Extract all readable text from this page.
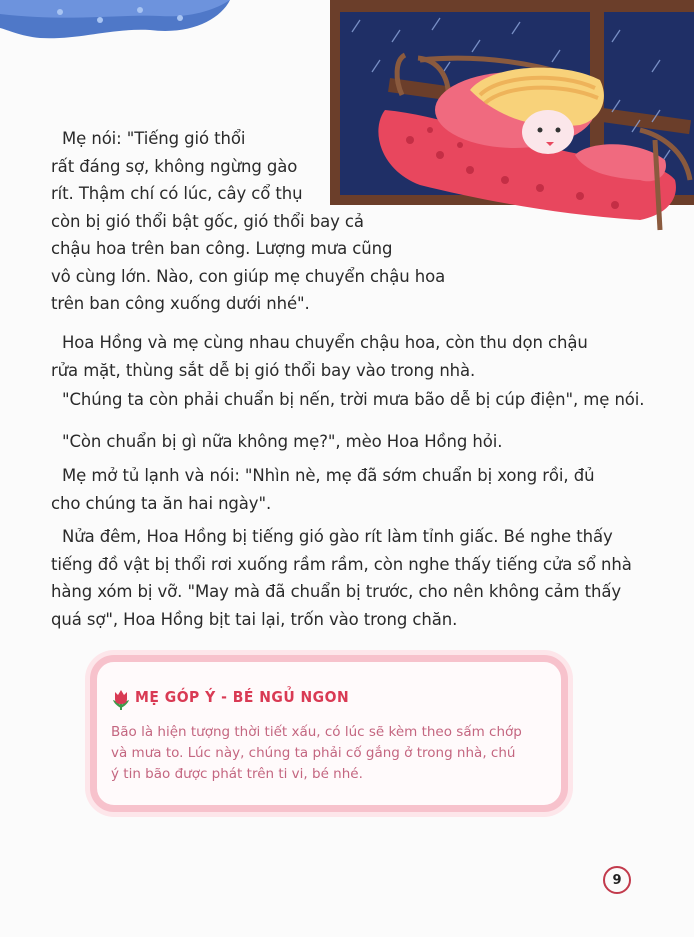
Mẹ nói: "Tiếng gió thổi
rất đáng sợ, không ngừng gào
rít. Thậm chí có lúc, cây cổ thụ
còn bị gió thổi bật gốc, gió thổi bay cả
chậu hoa trên ban công. Lượng mưa cũng
vô cùng lớn. Nào, con giúp mẹ chuyển chậu hoa
trên ban công xuống dưới nhé".

Hoa Hồng và mẹ cùng nhau chuyển chậu hoa, còn thu dọn chậu
rửa mặt, thùng sắt dễ bị gió thổi bay vào trong nhà.

"Chúng ta còn phải chuẩn bị nến, trời mưa bão dễ bị cúp điện", mẹ nói.

"Còn chuẩn bị gì nữa không mẹ?", mèo Hoa Hồng hỏi.

Mẹ mở tủ lạnh và nói: "Nhìn nè, mẹ đã sớm chuẩn bị xong rồi, đủ
cho chúng ta ăn hai ngày".

Nửa đêm, Hoa Hồng bị tiếng gió gào rít làm tỉnh giấc. Bé nghe thấy
tiếng đồ vật bị thổi rơi xuống rầm rầm, còn nghe thấy tiếng cửa sổ nhà
hàng xóm bị vỡ. "May mà đã chuẩn bị trước, cho nên không cảm thấy
quá sợ", Hoa Hồng bịt tai lại, trốn vào trong chăn.

MẸ GÓP Ý - BÉ NGỦ NGON
Bão là hiện tượng thời tiết xấu, có lúc sẽ kèm theo sấm chớp
và mưa to. Lúc này, chúng ta phải cố gắng ở trong nhà, chú
ý tin bão được phát trên ti vi, bé nhé.
9
